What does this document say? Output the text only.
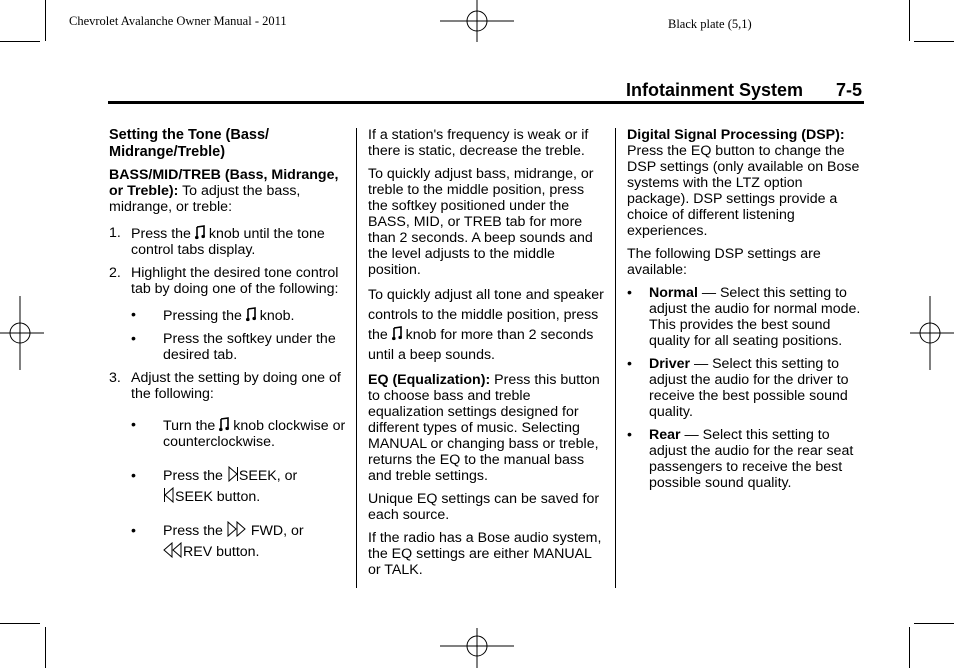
Chevrolet Avalanche Owner Manual - 2011	Black plate (5,1)
Infotainment System 7-5
Setting the Tone (Bass/ Midrange/Treble)

BASS/MID/TREB (Bass, Midrange, or Treble): To adjust the bass, midrange, or treble:

1. Press the knob until the tone control tabs display.
2. Highlight the desired tone control tab by doing one of the following:
• Pressing the knob.
• Press the softkey under the desired tab.
3. Adjust the setting by doing one of the following:
• Turn the knob clockwise or counterclockwise.
• Press the SEEK, or
SEEK button.
• Press the FWD, or
REV button.

If a station's frequency is weak or if there is static, decrease the treble.

To quickly adjust bass, midrange, or treble to the middle position, press the softkey positioned under the BASS, MID, or TREB tab for more than 2 seconds. A beep sounds and the level adjusts to the middle position.

To quickly adjust all tone and speaker controls to the middle position, press the knob for more than 2 seconds until a beep sounds.

EQ (Equalization): Press this button to choose bass and treble equalization settings designed for different types of music. Selecting MANUAL or changing bass or treble, returns the EQ to the manual bass and treble settings.

Unique EQ settings can be saved for each source.

If the radio has a Bose audio system, the EQ settings are either MANUAL or TALK.

Digital Signal Processing (DSP):
Press the EQ button to change the DSP settings (only available on Bose systems with the LTZ option package). DSP settings provide a choice of different listening experiences.

The following DSP settings are available:

• Normal — Select this setting to adjust the audio for normal mode. This provides the best sound quality for all seating positions.
• Driver — Select this setting to adjust the audio for the driver to receive the best possible sound quality.
• Rear — Select this setting to adjust the audio for the rear seat passengers to receive the best possible sound quality.
